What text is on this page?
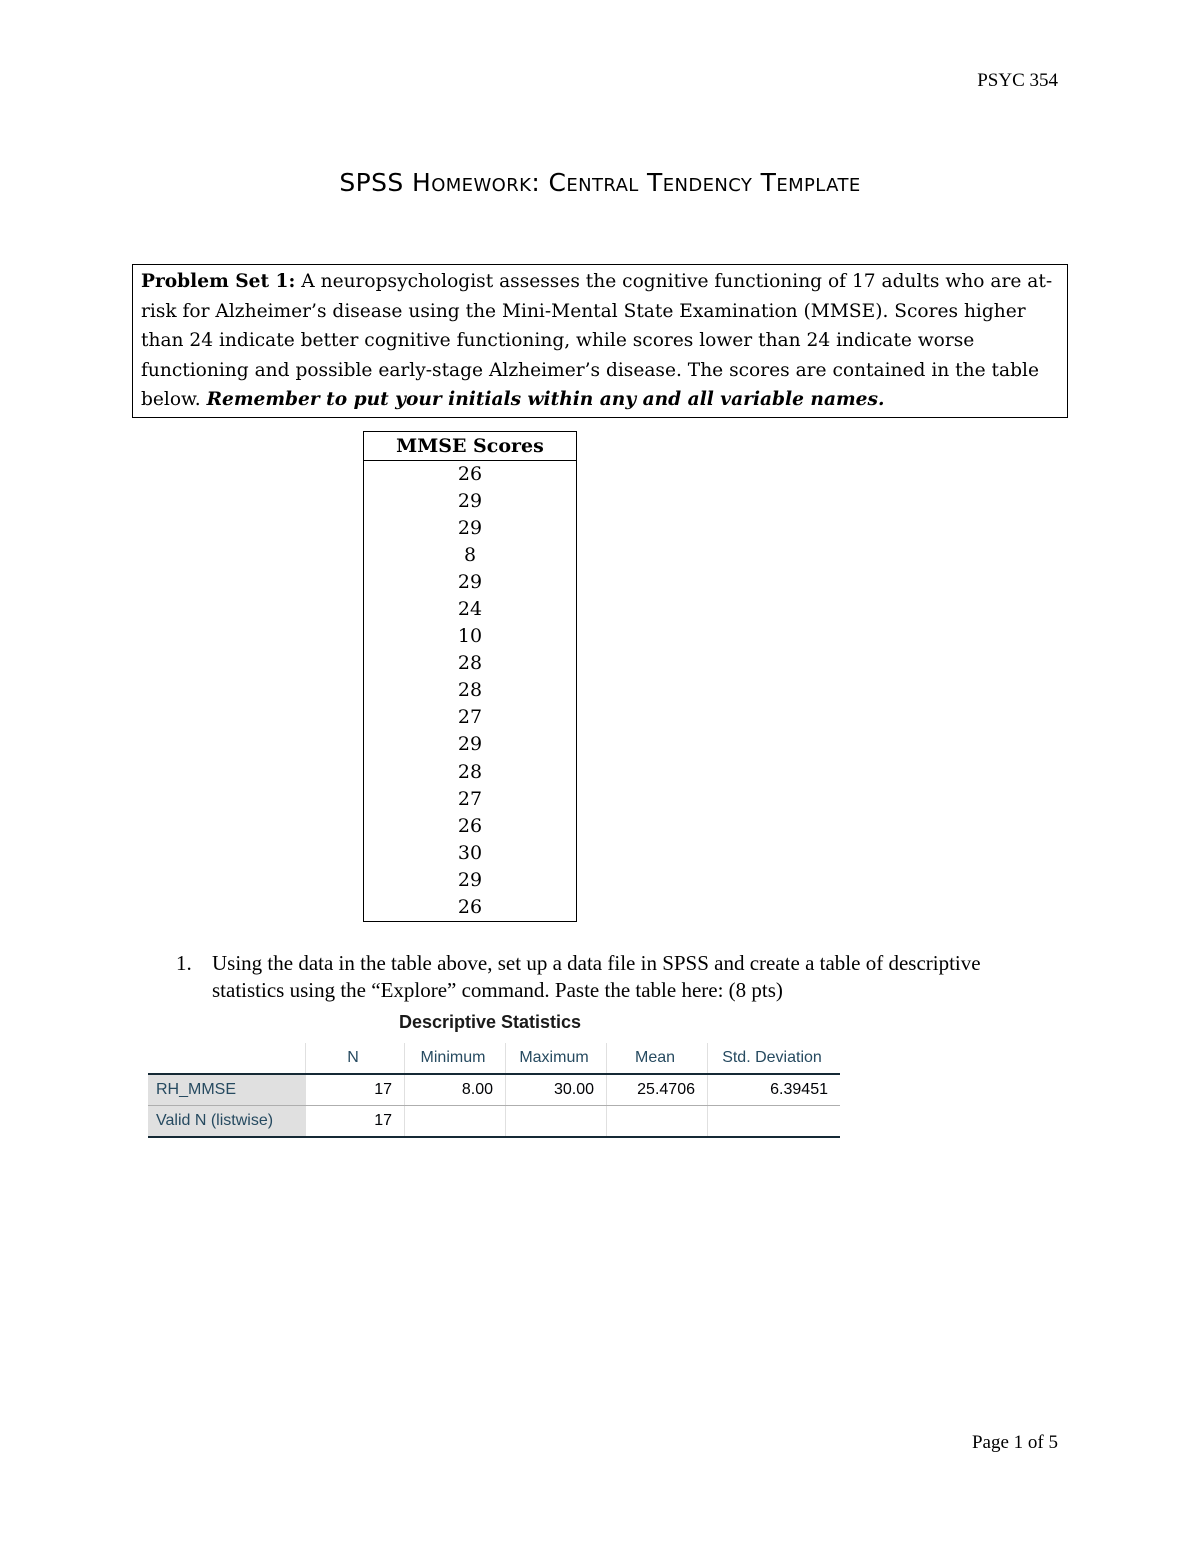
PSYC 354
SPSS Homework: Central Tendency Template
Problem Set 1: A neuropsychologist assesses the cognitive functioning of 17 adults who are at-risk for Alzheimer’s disease using the Mini-Mental State Examination (MMSE). Scores higher than 24 indicate better cognitive functioning, while scores lower than 24 indicate worse functioning and possible early-stage Alzheimer’s disease. The scores are contained in the table below. Remember to put your initials within any and all variable names.
MMSE Scores
26
29
29
8
29
24
10
28
28
27
29
28
27
26
30
29
26
1. Using the data in the table above, set up a data file in SPSS and create a table of descriptive statistics using the “Explore” command. Paste the table here: (8 pts)
Descriptive Statistics
	N	Minimum	Maximum	Mean	Std. Deviation
RH_MMSE	17	8.00	30.00	25.4706	6.39451
Valid N (listwise)	17				
Page 1 of 5
